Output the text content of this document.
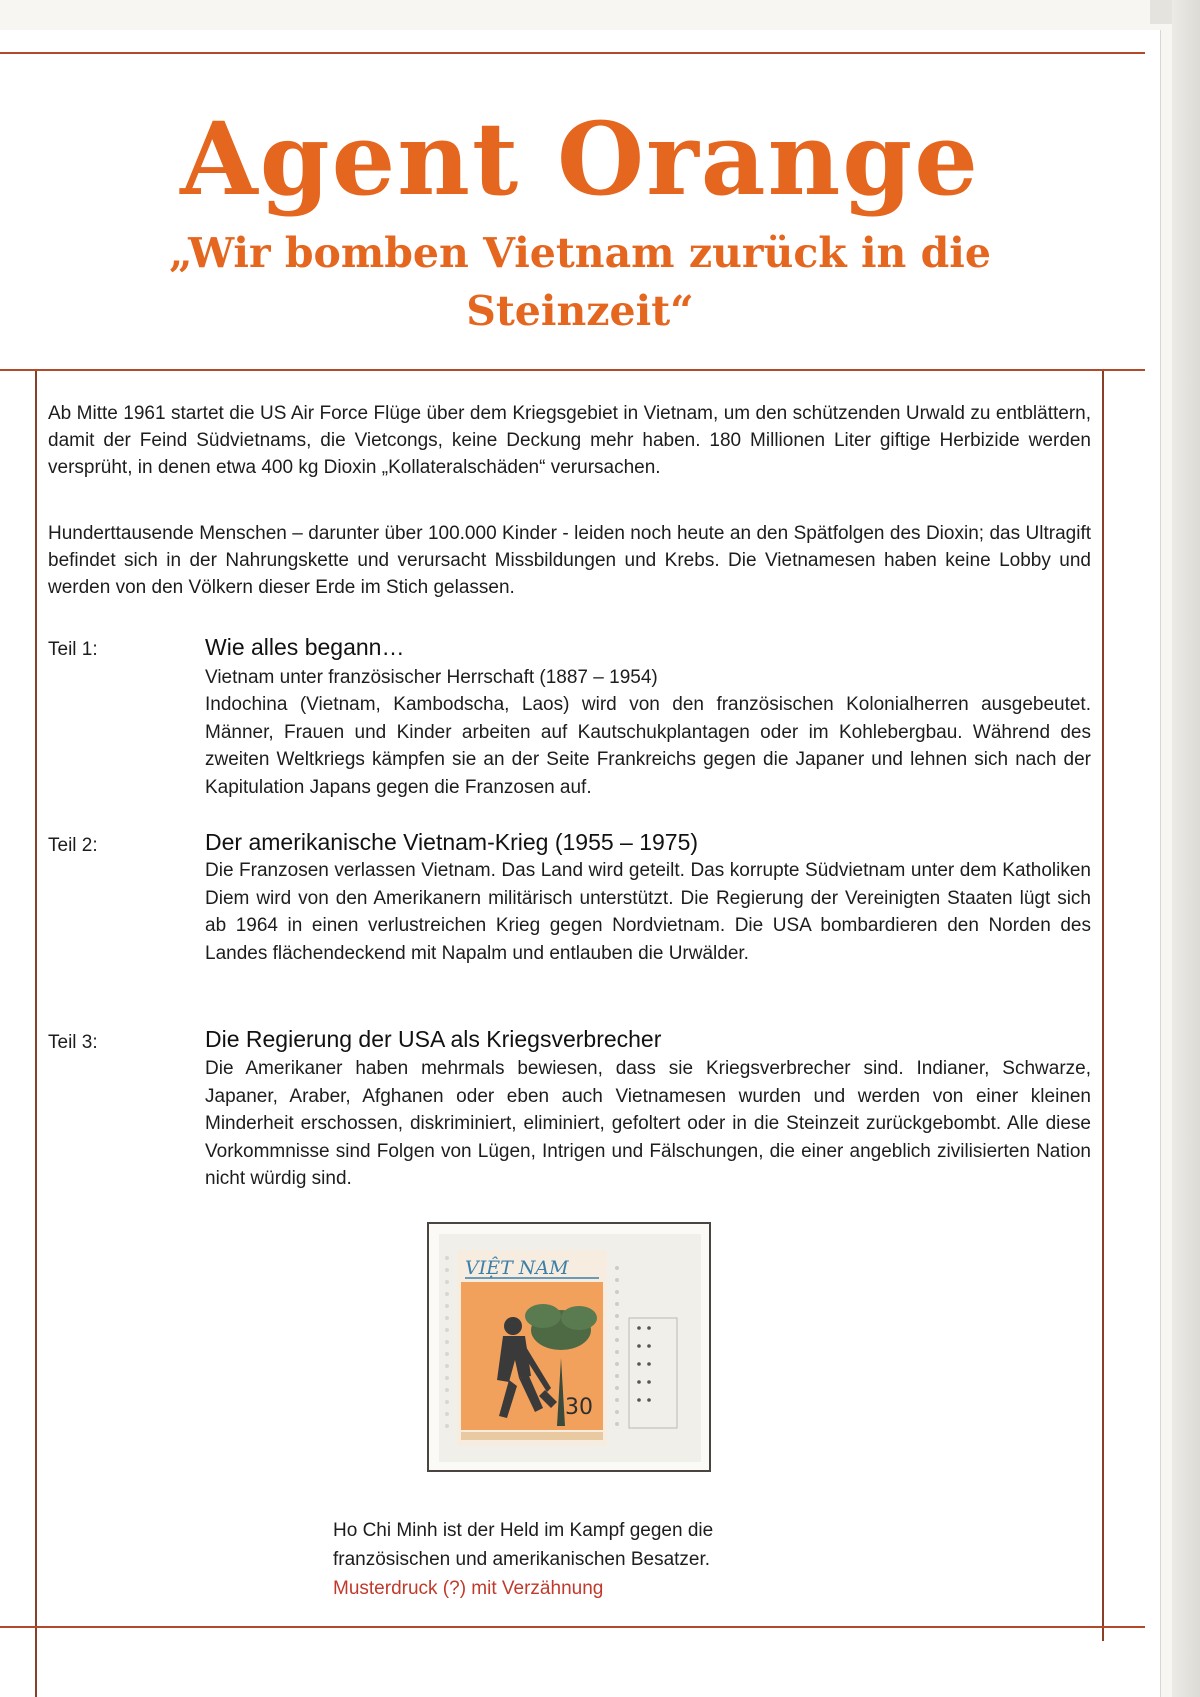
Agent Orange
„Wir bomben Vietnam zurück in die
Steinzeit“

Ab Mitte 1961 startet die US Air Force Flüge über dem Kriegsgebiet in Vietnam, um den schützenden Urwald zu entblättern, damit der Feind Südvietnams, die Vietcongs, keine Deckung mehr haben. 180 Millionen Liter giftige Herbizide werden versprüht, in denen etwa 400 kg Dioxin „Kollateralschäden“ verursachen.

Hunderttausende Menschen – darunter über 100.000 Kinder - leiden noch heute an den Spätfolgen des Dioxin; das Ultragift befindet sich in der Nahrungskette und verursacht Missbildungen und Krebs. Die Vietnamesen haben keine Lobby und werden von den Völkern dieser Erde im Stich gelassen.

Teil 1:	Wie alles begann…
Vietnam unter französischer Herrschaft (1887 – 1954)

Indochina (Vietnam, Kambodscha, Laos) wird von den französischen Kolonialherren ausgebeutet. Männer, Frauen und Kinder arbeiten auf Kautschukplantagen oder im Kohlebergbau. Während des zweiten Weltkriegs kämpfen sie an der Seite Frankreichs gegen die Japaner und lehnen sich nach der Kapitulation Japans gegen die Franzosen auf.

Teil 2:	Der amerikanische Vietnam-Krieg (1955 – 1975)

Die Franzosen verlassen Vietnam. Das Land wird geteilt. Das korrupte Südvietnam unter dem Katholiken Diem wird von den Amerikanern militärisch unterstützt. Die Regierung der Vereinigten Staaten lügt sich ab 1964 in einen verlustreichen Krieg gegen Nordvietnam. Die USA bombardieren den Norden des Landes flächendeckend mit Napalm und entlauben die Urwälder.

Teil 3:	Die Regierung der USA als Kriegsverbrecher

Die Amerikaner haben mehrmals bewiesen, dass sie Kriegsverbrecher sind. Indianer, Schwarze, Japaner, Araber, Afghanen oder eben auch Vietnamesen wurden und werden von einer kleinen Minderheit erschossen, diskriminiert, eliminiert, gefoltert oder in die Steinzeit zurückgebombt. Alle diese Vorkommnisse sind Folgen von Lügen, Intrigen und Fälschungen, die einer angeblich zivilisierten Nation nicht würdig sind.

VIỆT NAM
30
Ho Chi Minh ist der Held im Kampf gegen die
französischen und amerikanischen Besatzer.
Musterdruck (?) mit Verzähnung
